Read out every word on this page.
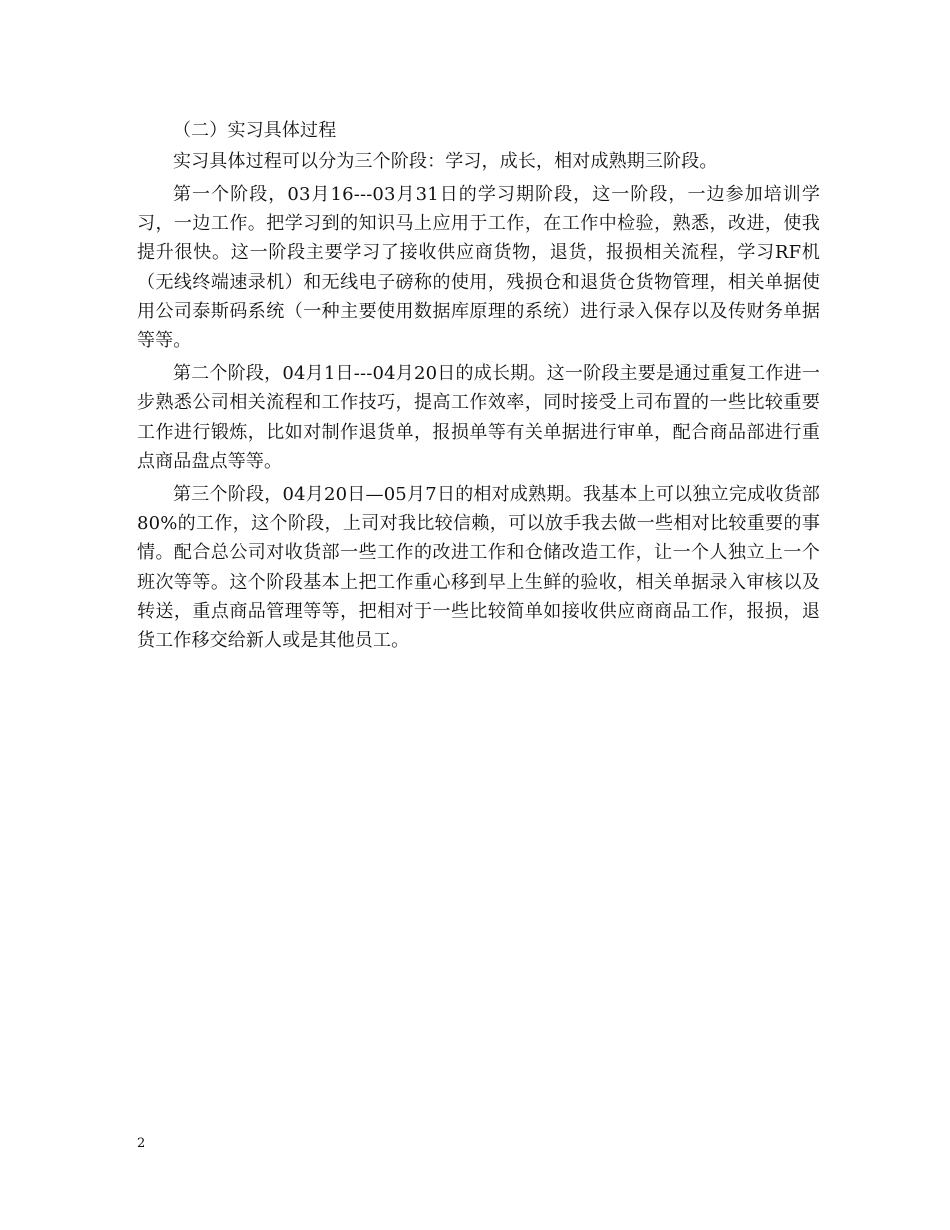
（二）实习具体过程

实习具体过程可以分为三个阶段：学习，成长，相对成熟期三阶段。

第一个阶段，03月16---03月31日的学习期阶段，这一阶段，一边参加培训学习，一边工作。把学习到的知识马上应用于工作，在工作中检验，熟悉，改进，使我提升很快。这一阶段主要学习了接收供应商货物，退货，报损相关流程，学习RF机（无线终端速录机）和无线电子磅称的使用，残损仓和退货仓货物管理，相关单据使用公司泰斯码系统（一种主要使用数据库原理的系统）进行录入保存以及传财务单据等等。

第二个阶段，04月1日---04月20日的成长期。这一阶段主要是通过重复工作进一步熟悉公司相关流程和工作技巧，提高工作效率，同时接受上司布置的一些比较重要工作进行锻炼，比如对制作退货单，报损单等有关单据进行审单，配合商品部进行重点商品盘点等等。

第三个阶段，04月20日—05月7日的相对成熟期。我基本上可以独立完成收货部80%的工作，这个阶段，上司对我比较信赖，可以放手我去做一些相对比较重要的事情。配合总公司对收货部一些工作的改进工作和仓储改造工作，让一个人独立上一个班次等等。这个阶段基本上把工作重心移到早上生鲜的验收，相关单据录入审核以及转送，重点商品管理等等，把相对于一些比较简单如接收供应商商品工作，报损，退货工作移交给新人或是其他员工。

2
